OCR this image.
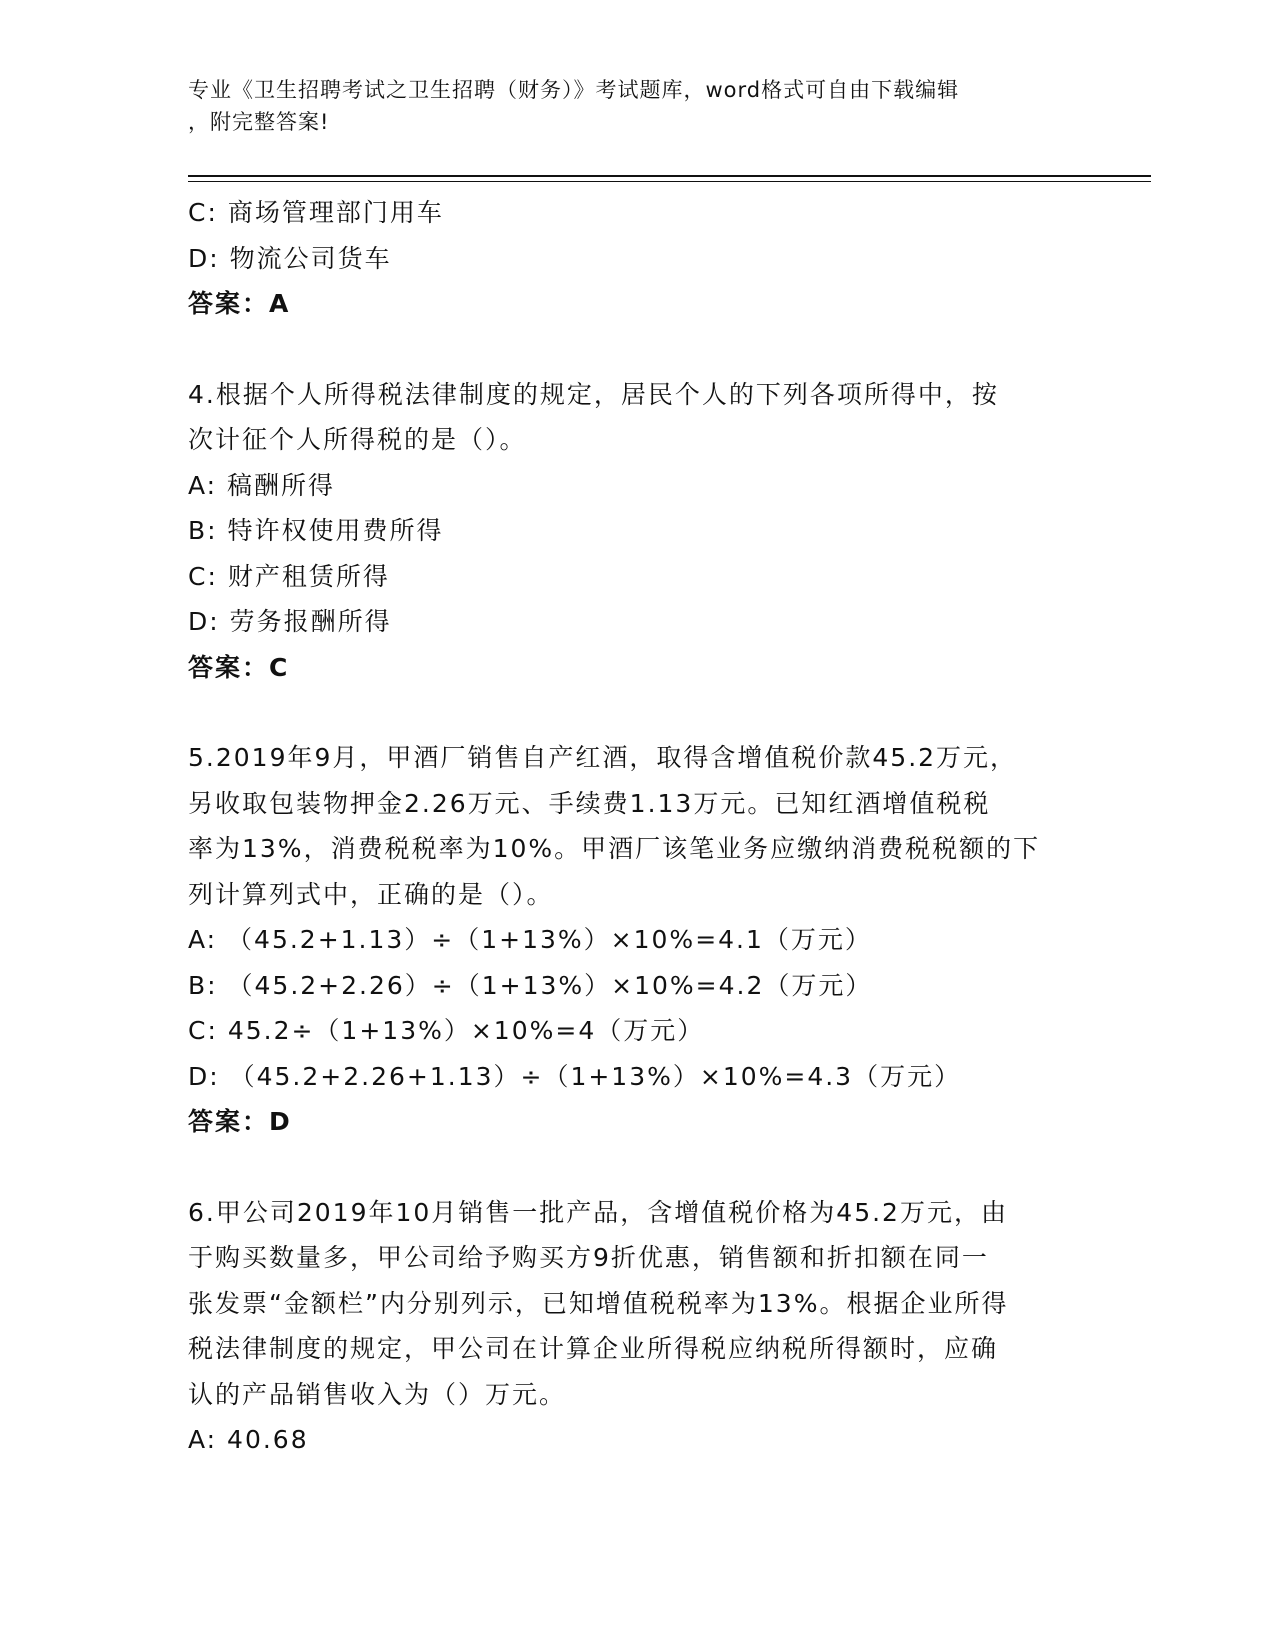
专业《卫生招聘考试之卫生招聘（财务）》考试题库，word格式可自由下载编辑
，附完整答案!
C: 商场管理部门用车
D: 物流公司货车
答案：A
4.根据个人所得税法律制度的规定，居民个人的下列各项所得中，按
次计征个人所得税的是（）。
A: 稿酬所得
B: 特许权使用费所得
C: 财产租赁所得
D: 劳务报酬所得
答案：C
5.2019年9月，甲酒厂销售自产红酒，取得含增值税价款45.2万元，
另收取包装物押金2.26万元、手续费1.13万元。已知红酒增值税税
率为13%，消费税税率为10%。甲酒厂该笔业务应缴纳消费税税额的下
列计算列式中，正确的是（）。
A: （45.2+1.13）÷（1+13%）×10%=4.1（万元）
B: （45.2+2.26）÷（1+13%）×10%=4.2（万元）
C: 45.2÷（1+13%）×10%=4（万元）
D: （45.2+2.26+1.13）÷（1+13%）×10%=4.3（万元）
答案：D
6.甲公司2019年10月销售一批产品，含增值税价格为45.2万元，由
于购买数量多，甲公司给予购买方9折优惠，销售额和折扣额在同一
张发票“金额栏”内分别列示，已知增值税税率为13%。根据企业所得
税法律制度的规定，甲公司在计算企业所得税应纳税所得额时，应确
认的产品销售收入为（）万元。
A: 40.68
